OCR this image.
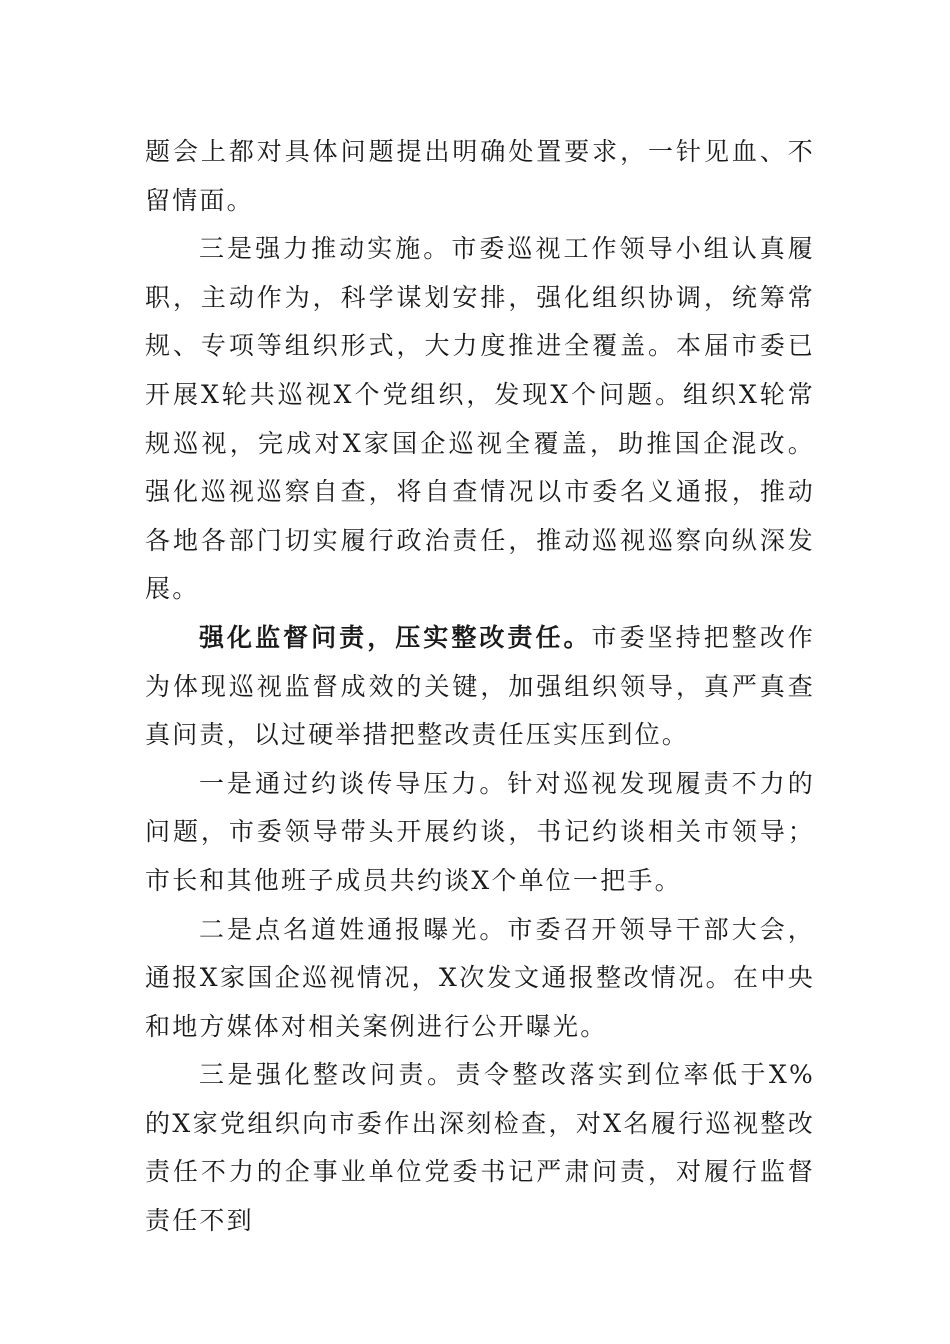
题会上都对具体问题提出明确处置要求，一针见血、不留情面。

三是强力推动实施。市委巡视工作领导小组认真履职，主动作为，科学谋划安排，强化组织协调，统筹常规、专项等组织形式，大力度推进全覆盖。本届市委已开展X轮共巡视X个党组织，发现X个问题。组织X轮常规巡视，完成对X家国企巡视全覆盖，助推国企混改。强化巡视巡察自查，将自查情况以市委名义通报，推动各地各部门切实履行政治责任，推动巡视巡察向纵深发展。

强化监督问责，压实整改责任。市委坚持把整改作为体现巡视监督成效的关键，加强组织领导，真严真查真问责，以过硬举措把整改责任压实压到位。

一是通过约谈传导压力。针对巡视发现履责不力的问题，市委领导带头开展约谈，书记约谈相关市领导；市长和其他班子成员共约谈X个单位一把手。

二是点名道姓通报曝光。市委召开领导干部大会，通报X家国企巡视情况，X次发文通报整改情况。在中央和地方媒体对相关案例进行公开曝光。

三是强化整改问责。责令整改落实到位率低于X%的X家党组织向市委作出深刻检查，对X名履行巡视整改责任不力的企事业单位党委书记严肃问责，对履行监督责任不到
